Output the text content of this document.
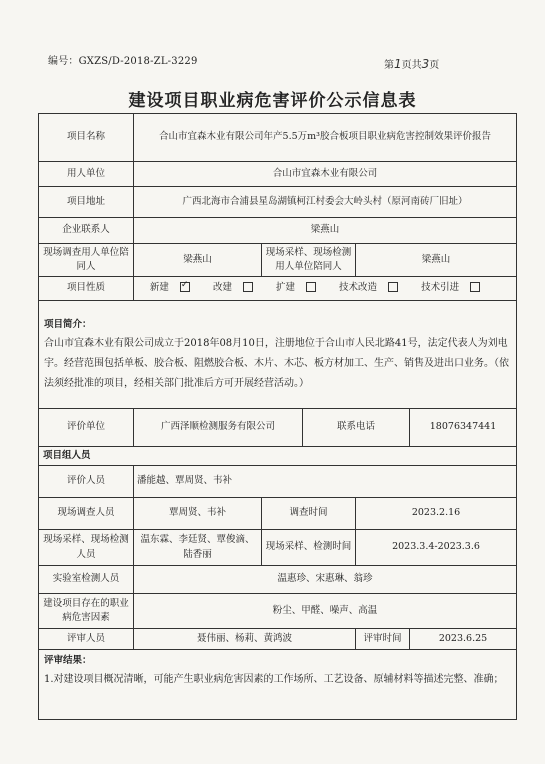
编号：GXZS/D-2018-ZL-3229	第1页共3页
建设项目职业病危害评价公示信息表
项目名称	合山市宜森木业有限公司年产5.5万m³胶合板项目职业病危害控制效果评价报告				
用人单位	合山市宜森木业有限公司				
项目地址	广西北海市合浦县星岛湖镇柯江村委会大岭头村（原河南砖厂旧址）				
企业联系人	梁燕山				
现场调查用人单位陪同人	梁燕山	现场采样、现场检测用人单位陪同人		梁燕山	
项目性质	新建 ✓ 改建 扩建 技术改造 技术引进

项目简介：
合山市宜森木业有限公司成立于2018年08月10日，注册地位于合山市人民北路41号，法定代表人为刘电宇。经营范围包括单板、胶合板、阻燃胶合板、木片、木芯、板方材加工、生产、销售及进出口业务。（依法须经批准的项目，经相关部门批准后方可开展经营活动。）					
评价单位	广西泽顺检测服务有限公司		联系电话		18076347441
项目组人员					
评价人员	潘能越、覃周贤、韦补				
现场调查人员	覃周贤、韦补	调查时间		2023.2.16	
现场采样、现场检测人员	温东霖、李廷贤、覃俊滴、陆香丽	现场采样、检测时间		2023.3.4-2023.3.6	
实验室检测人员	温惠珍、宋惠琳、翁珍				
建设项目存在的职业病危害因素	粉尘、甲醛、噪声、高温				
评审人员	聂伟丽、杨莉、黄鸿波			评审时间	2023.6.25

评审结果：
1.对建设项目概况清晰，可能产生职业病危害因素的工作场所、工艺设备、原辅材料等描述完整、准确；					
